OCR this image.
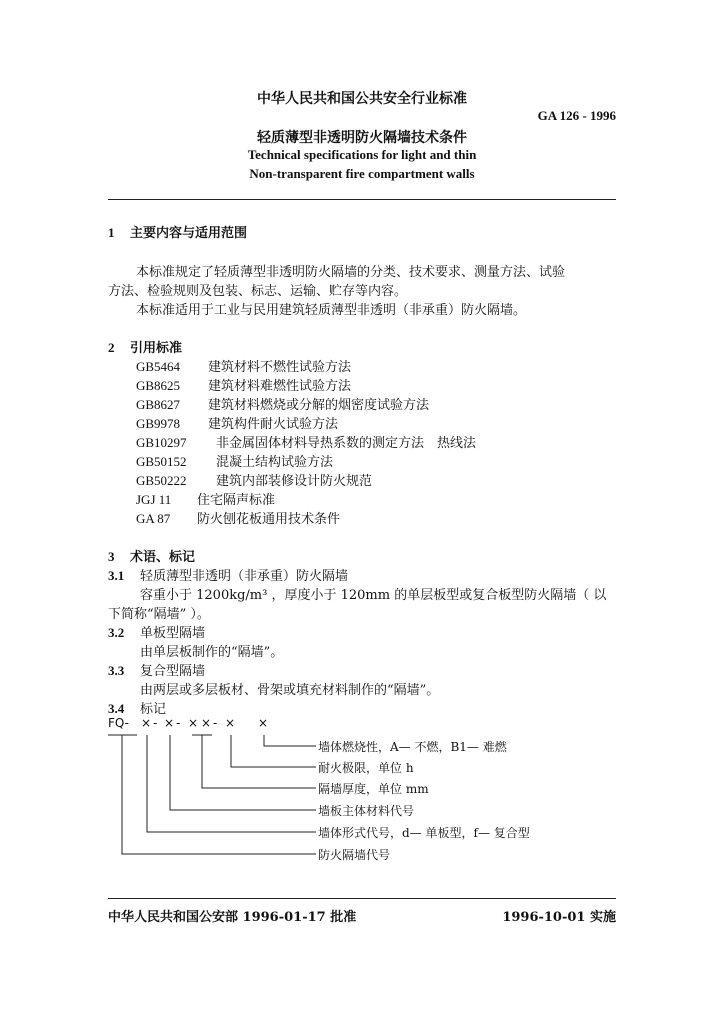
中华人民共和国公共安全行业标准
GA 126 - 1996
轻质薄型非透明防火隔墙技术条件
Technical specifications for light and thin
Non-transparent fire compartment walls
1 主要内容与适用范围
本标准规定了轻质薄型非透明防火隔墙的分类、技术要求、测量方法、试验
方法、检验规则及包装、标志、运输、贮存等内容。
本标准适用于工业与民用建筑轻质薄型非透明（非承重）防火隔墙。
2 引用标准
GB5464 建筑材料不燃性试验方法
GB8625 建筑材料难燃性试验方法
GB8627 建筑材料燃烧或分解的烟密度试验方法
GB9978 建筑构件耐火试验方法
GB10297 非金属固体材料导热系数的测定方法　热线法
GB50152 混凝土结构试验方法
GB50222 建筑内部装修设计防火规范
JGJ 11 住宅隔声标准
GA 87 防火刨花板通用技术条件
3 术语、标记
3.1 轻质薄型非透明（非承重）防火隔墙
容重小于 1200kg/m³ ，厚度小于 120mm 的单层板型或复合板型防火隔墙（ 以
下简称“隔墙” ）。
3.2 单板型隔墙
由单层板制作的“隔墙”。
3.3 复合型隔墙
由两层或多层板材、骨架或填充材料制作的“隔墙”。
3.4 标记
FQ- × - × - × × - × ×
墙体燃烧性，A— 不燃，B1— 难燃
耐火极限，单位 h
隔墙厚度，单位 mm
墙板主体材料代号
墙体形式代号，d— 单板型，f— 复合型
防火隔墙代号
中华人民共和国公安部 1996-01-17 批准	1996-10-01 实施
